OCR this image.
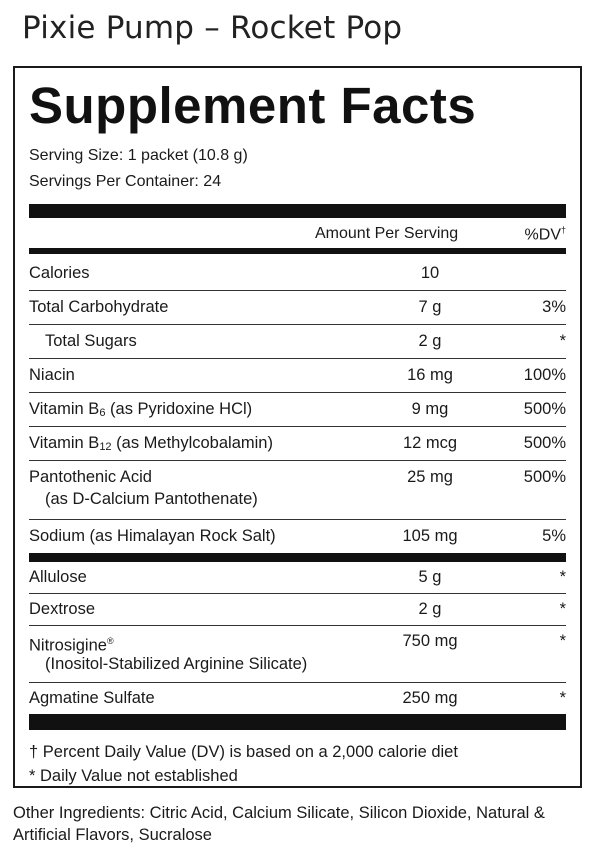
Pixie Pump – Rocket Pop
Supplement Facts
Serving Size: 1 packet (10.8 g)
Servings Per Container: 24
Amount Per Serving	%DV†
Calories	10
Total Carbohydrate	7 g	3%
Total Sugars	2 g	*
Niacin	16 mg	100%
Vitamin $B_6$ (as Pyridoxine HCl)	9 mg	500%
Vitamin $B_{12}$ (as Methylcobalamin)	12 mcg	500%
Pantothenic Acid
(as D-Calcium Pantothenate)
25 mg	500%
Sodium (as Himalayan Rock Salt)	105 mg	5%
Allulose	5 g	*
Dextrose	2 g	*
Nitrosigine®
(Inositol-Stabilized Arginine Silicate)
750 mg	*
Agmatine Sulfate	250 mg	*
† Percent Daily Value (DV) is based on a 2,000 calorie diet
* Daily Value not established
Other Ingredients: Citric Acid, Calcium Silicate, Silicon Dioxide, Natural & Artificial Flavors, Sucralose
